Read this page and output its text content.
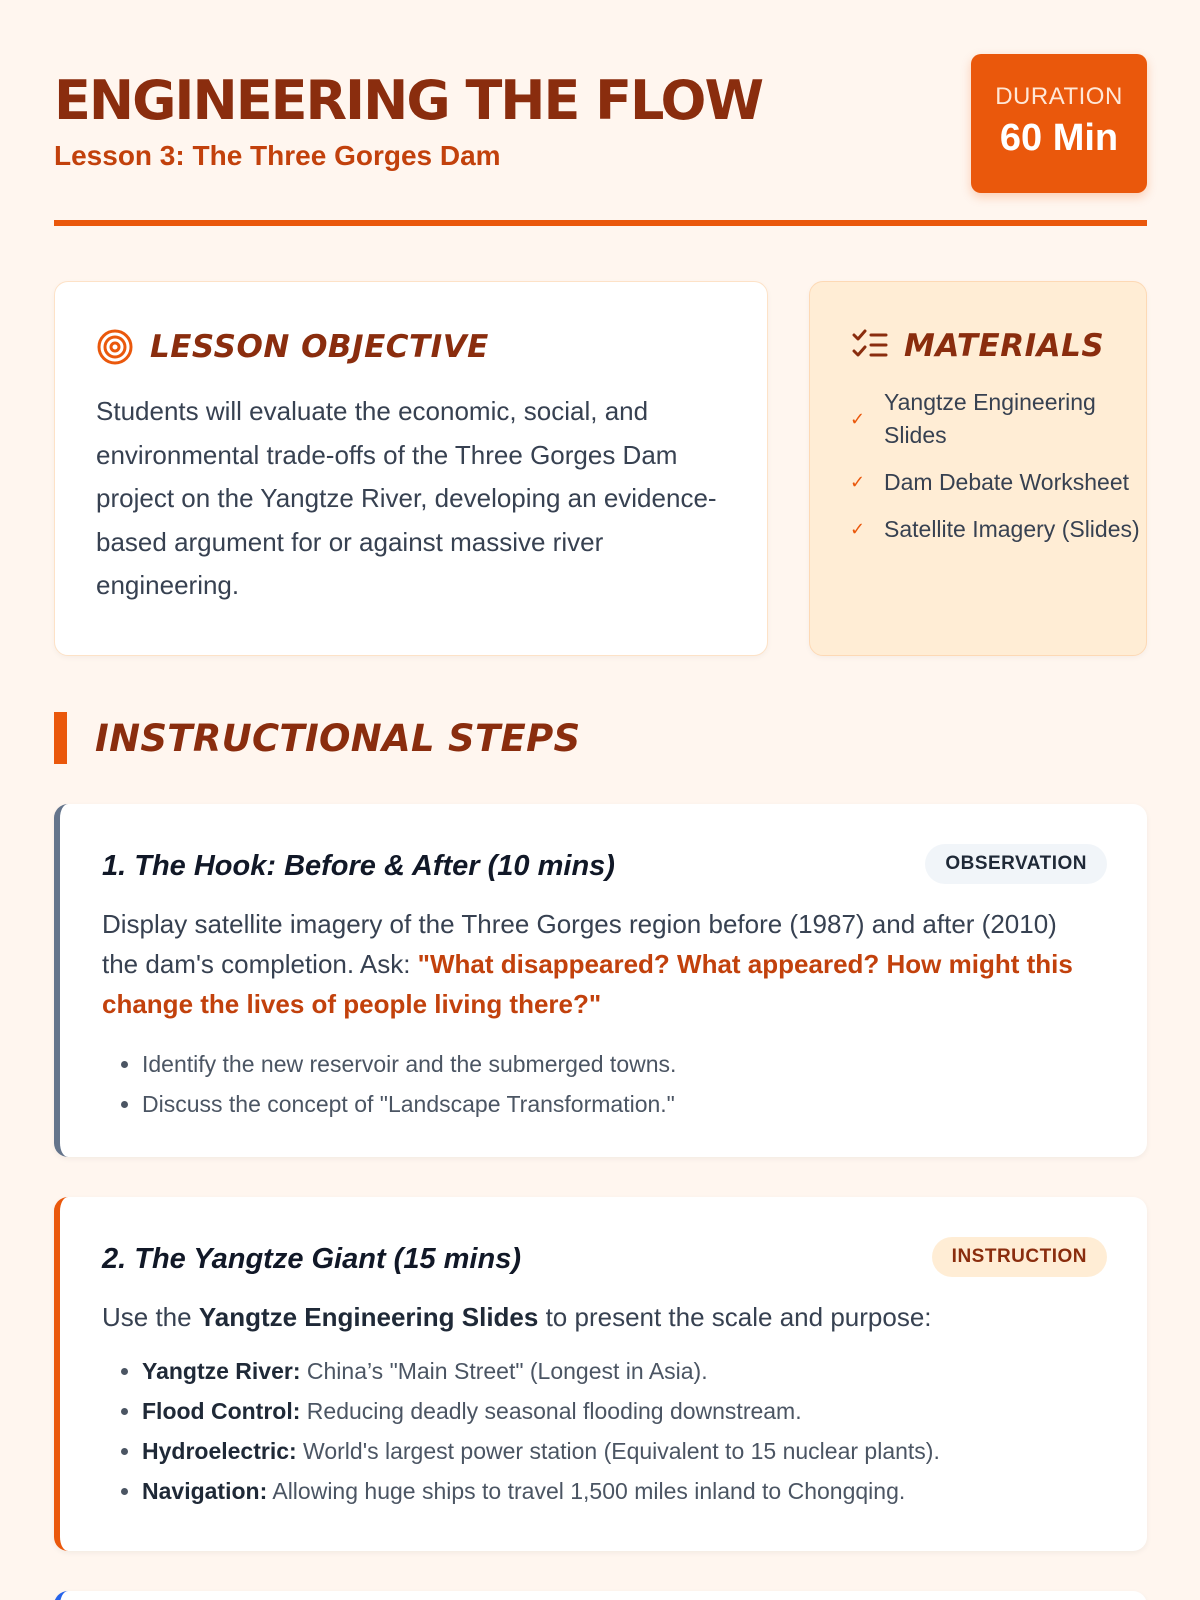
ENGINEERING THE FLOW
Lesson 3: The Three Gorges Dam
DURATION
60 Min
LESSON OBJECTIVE
Students will evaluate the economic, social, and environmental trade-offs of the Three Gorges Dam project on the Yangtze River, developing an evidence-based argument for or against massive river engineering.
MATERIALS
✓
Yangtze Engineering Slides
✓ Dam Debate Worksheet
✓ Satellite Imagery (Slides)
INSTRUCTIONAL STEPS
1. The Hook: Before & After (10 mins)	OBSERVATION
Display satellite imagery of the Three Gorges region before (1987) and after (2010) the dam's completion. Ask: "What disappeared? What appeared? How might this change the lives of people living there?"
• Identify the new reservoir and the submerged towns.
• Discuss the concept of "Landscape Transformation."
2. The Yangtze Giant (15 mins)	INSTRUCTION
Use the Yangtze Engineering Slides to present the scale and purpose:
• Yangtze River: China’s "Main Street" (Longest in Asia).
• Flood Control: Reducing deadly seasonal flooding downstream.
• Hydroelectric: World's largest power station (Equivalent to 15 nuclear plants).
• Navigation: Allowing huge ships to travel 1,500 miles inland to Chongqing.
